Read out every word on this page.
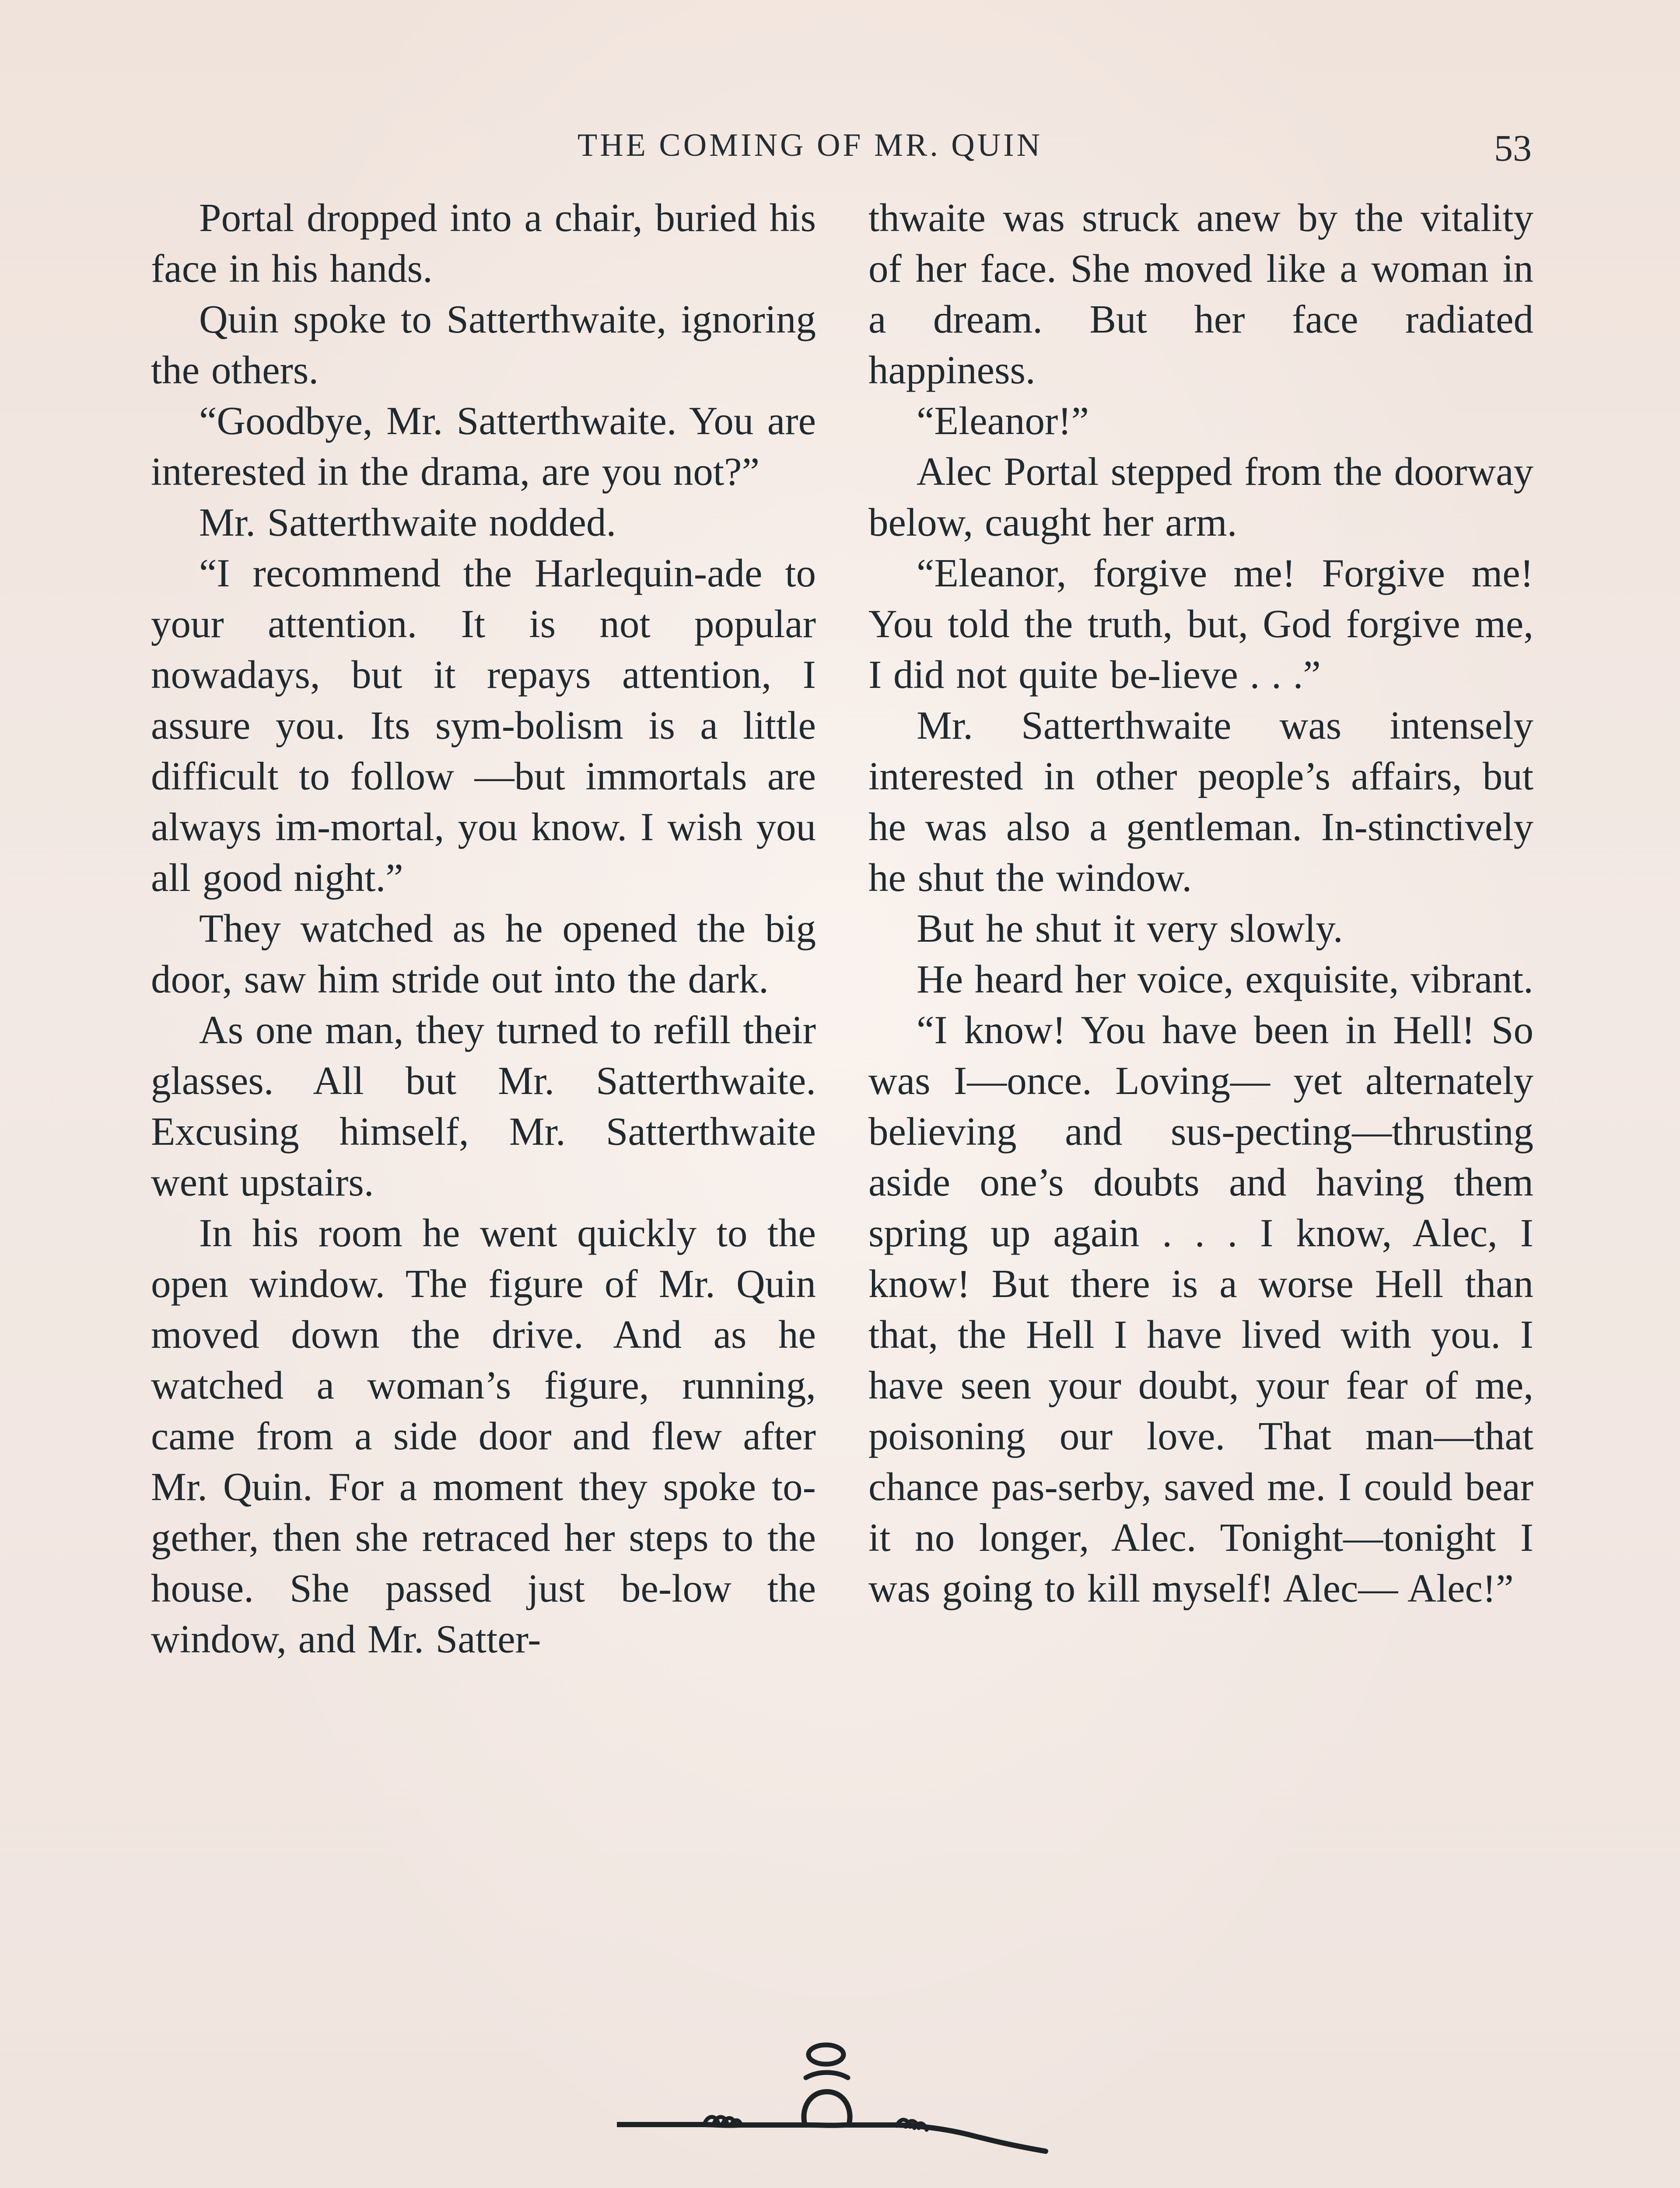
THE COMING OF MR. QUIN	53

Portal dropped into a chair, buried his face in his hands.

Quin spoke to Satterthwaite, ignoring the others.

“Goodbye, Mr. Satterthwaite. You are interested in the drama, are you not?”

Mr. Satterthwaite nodded.

“I recommend the Harlequin-ade to your attention. It is not popular nowadays, but it repays attention, I assure you. Its sym-bolism is a little difficult to follow —but immortals are always im-mortal, you know. I wish you all good night.”

They watched as he opened the big door, saw him stride out into the dark.

As one man, they turned to refill their glasses. All but Mr. Satterthwaite. Excusing himself, Mr. Satterthwaite went upstairs.

In his room he went quickly to the open window. The figure of Mr. Quin moved down the drive. And as he watched a woman’s figure, running, came from a side door and flew after Mr. Quin. For a moment they spoke to-gether, then she retraced her steps to the house. She passed just be-low the window, and Mr. Satter-

thwaite was struck anew by the vitality of her face. She moved like a woman in a dream. But her face radiated happiness.

“Eleanor!”

Alec Portal stepped from the doorway below, caught her arm.

“Eleanor, forgive me! Forgive me! You told the truth, but, God forgive me, I did not quite be-lieve . . .”

Mr. Satterthwaite was intensely interested in other people’s affairs, but he was also a gentleman. In-stinctively he shut the window.

But he shut it very slowly.

He heard her voice, exquisite, vibrant.

“I know! You have been in Hell! So was I—once. Loving— yet alternately believing and sus-pecting—thrusting aside one’s doubts and having them spring up again . . . I know, Alec, I know! But there is a worse Hell than that, the Hell I have lived with you. I have seen your doubt, your fear of me, poisoning our love. That man—that chance pas-serby, saved me. I could bear it no longer, Alec. Tonight—tonight I was going to kill myself! Alec— Alec!”
